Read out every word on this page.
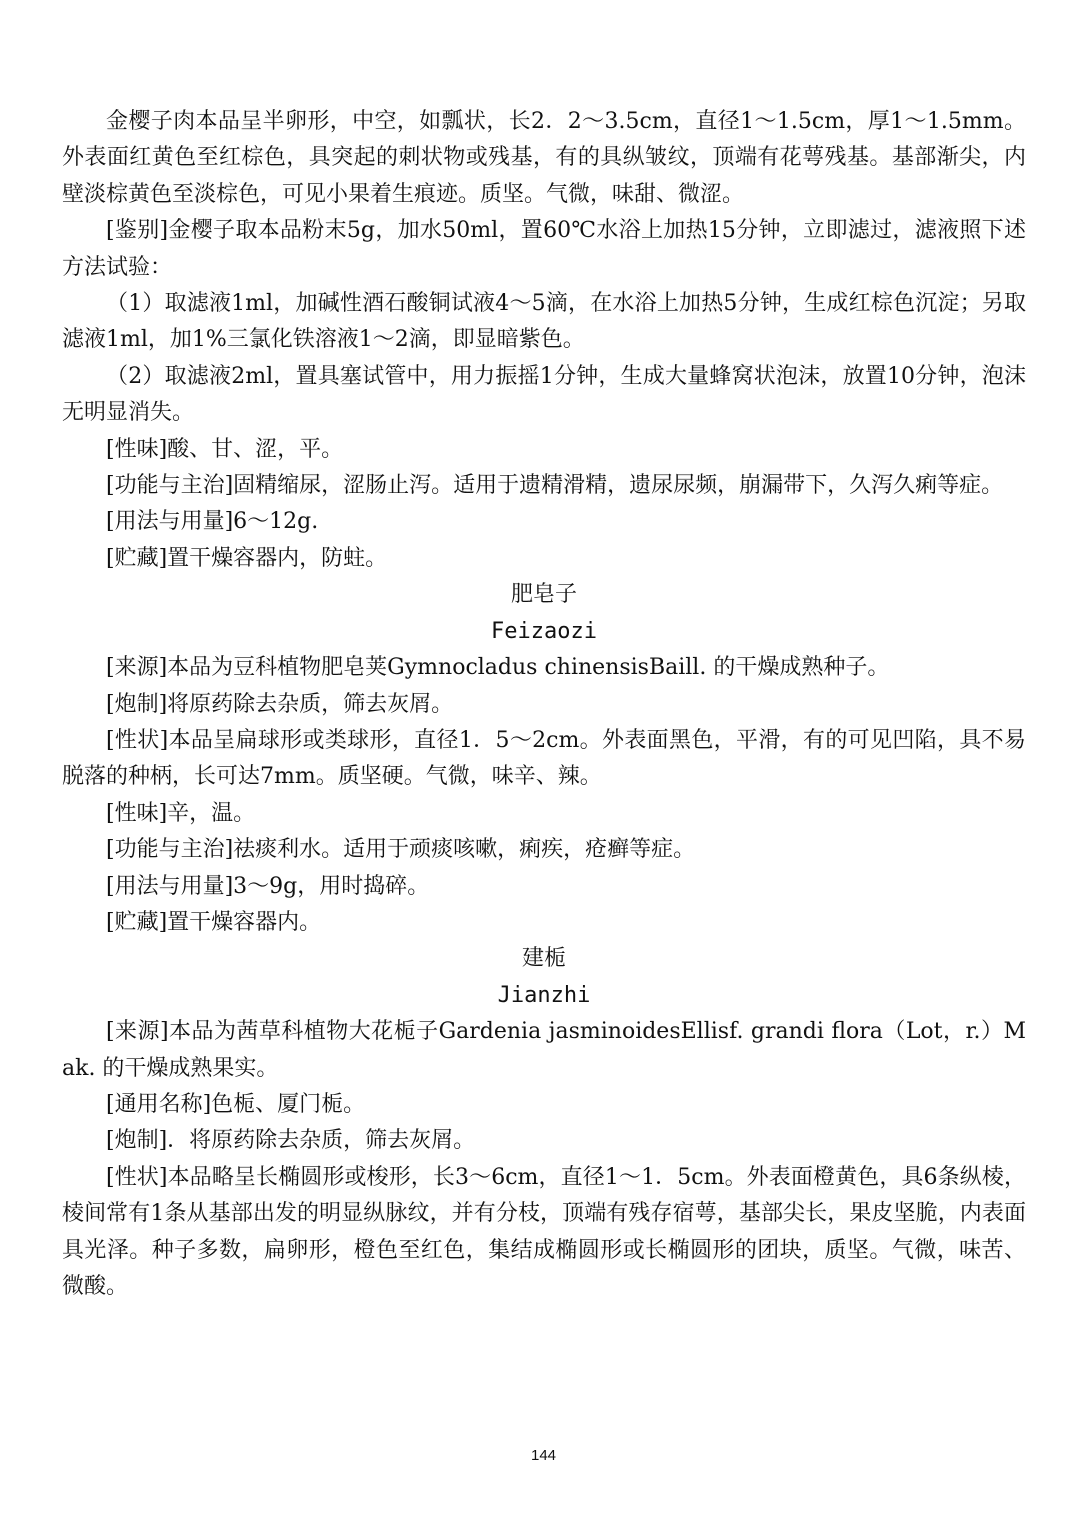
金樱子肉本品呈半卵形，中空，如瓢状，长2．2～3.5cm，直径1～1.5cm，厚1～1.5mm。外表面红黄色至红棕色，具突起的刺状物或残基，有的具纵皱纹，顶端有花萼残基。基部渐尖，内壁淡棕黄色至淡棕色，可见小果着生痕迹。质坚。气微，味甜、微涩。

[鉴别]金樱子取本品粉末5g，加水50ml，置60℃水浴上加热15分钟，立即滤过，滤液照下述方法试验：

（1）取滤液1ml，加碱性酒石酸铜试液4～5滴，在水浴上加热5分钟，生成红棕色沉淀；另取滤液1ml，加1%三氯化铁溶液1～2滴，即显暗紫色。

（2）取滤液2ml，置具塞试管中，用力振摇1分钟，生成大量蜂窝状泡沫，放置10分钟，泡沫无明显消失。

[性味]酸、甘、涩，平。

[功能与主治]固精缩尿，涩肠止泻。适用于遗精滑精，遗尿尿频，崩漏带下，久泻久痢等症。

[用法与用量]6～12g.

[贮藏]置干燥容器内，防蛀。

肥皂子

Feizaozi

[来源]本品为豆科植物肥皂荚Gymnocladus chinensisBaill. 的干燥成熟种子。

[炮制]将原药除去杂质，筛去灰屑。

[性状]本品呈扁球形或类球形，直径1．5～2cm。外表面黑色，平滑，有的可见凹陷，具不易脱落的种柄，长可达7mm。质坚硬。气微，味辛、辣。

[性味]辛，温。

[功能与主治]祛痰利水。适用于顽痰咳嗽，痢疾，疮癣等症。

[用法与用量]3～9g，用时捣碎。

[贮藏]置干燥容器内。

建栀

Jianzhi

[来源]本品为茜草科植物大花栀子Gardenia jasminoidesEllisf. grandi flora（Lot，r.）Mak. 的干燥成熟果实。

[通用名称]色栀、厦门栀。

[炮制]．将原药除去杂质，筛去灰屑。

[性状]本品略呈长椭圆形或梭形，长3～6cm，直径1～1．5cm。外表面橙黄色，具6条纵棱，棱间常有1条从基部出发的明显纵脉纹，并有分枝，顶端有残存宿萼，基部尖长，果皮坚脆，内表面具光泽。种子多数，扁卵形，橙色至红色，集结成椭圆形或长椭圆形的团块，质坚。气微，味苦、微酸。

144
